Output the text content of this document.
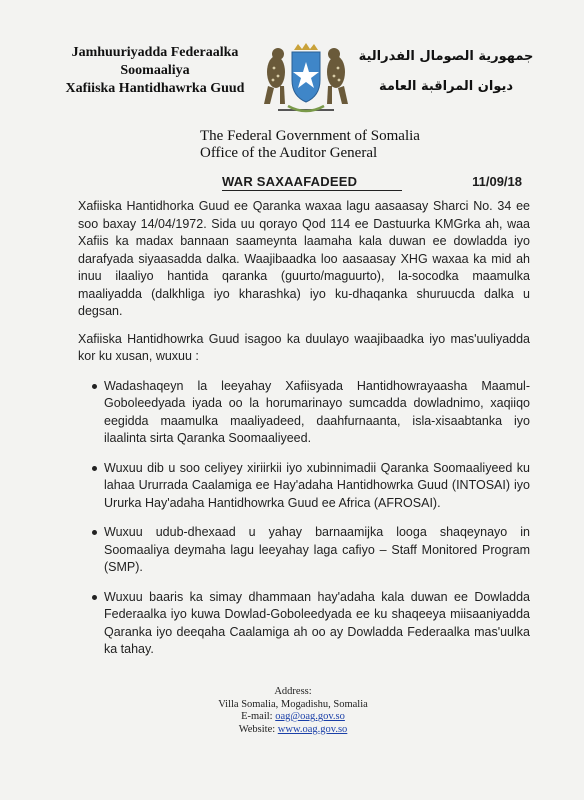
Jamhuuriyadda Federaalka
Soomaaliya
Xafiiska Hantidhawrka Guud
جمهورية الصومال الفدرالية
ديوان المراقبة العامة
The Federal Government of Somalia
Office of the Auditor General
WAR SAXAAFADEED	11/09/18

Xafiiska Hantidhorka Guud ee Qaranka waxaa lagu aasaasay Sharci No. 34 ee soo baxay 14/04/1972. Sida uu qorayo Qod 114 ee Dastuurka KMGrka ah, waa Xafiis ka madax bannaan saameynta laamaha kala duwan ee dowladda iyo darafyada siyaasadda dalka. Waajibaadka loo aasaasay XHG waxaa ka mid ah inuu ilaaliyo hantida qaranka (guurto/maguurto), la-socodka maamulka maaliyadda (dalkhliga iyo kharashka) iyo ku-dhaqanka shuruucda dalka u degsan.

Xafiiska Hantidhowrka Guud isagoo ka duulayo waajibaadka iyo mas'uuliyadda kor ku xusan, wuxuu :

Wadashaqeyn la leeyahay Xafiisyada Hantidhowrayaasha Maamul-Goboleedyada iyada oo la horumarinayo sumcadda dowladnimo, xaqiiqo eegidda maamulka maaliyadeed, daahfurnaanta, isla-xisaabtanka iyo ilaalinta sirta Qaranka Soomaaliyeed.
Wuxuu dib u soo celiyey xiriirkii iyo xubinnimadii Qaranka Soomaaliyeed ku lahaa Ururrada Caalamiga ee Hay'adaha Hantidhowrka Guud (INTOSAI) iyo Ururka Hay'adaha Hantidhowrka Guud ee Africa (AFROSAI).
Wuxuu udub-dhexaad u yahay barnaamijka looga shaqeynayo in Soomaaliya deymaha lagu leeyahay laga cafiyo – Staff Monitored Program (SMP).
Wuxuu baaris ka simay dhammaan hay'adaha kala duwan ee Dowladda Federaalka iyo kuwa Dowlad-Goboleedyada ee ku shaqeeya miisaaniyadda Qaranka iyo deeqaha Caalamiga ah oo ay Dowladda Federaalka mas'uulka ka tahay.
Address:
Villa Somalia, Mogadishu, Somalia
E-mail: oag@oag.gov.so
Website: www.oag.gov.so
